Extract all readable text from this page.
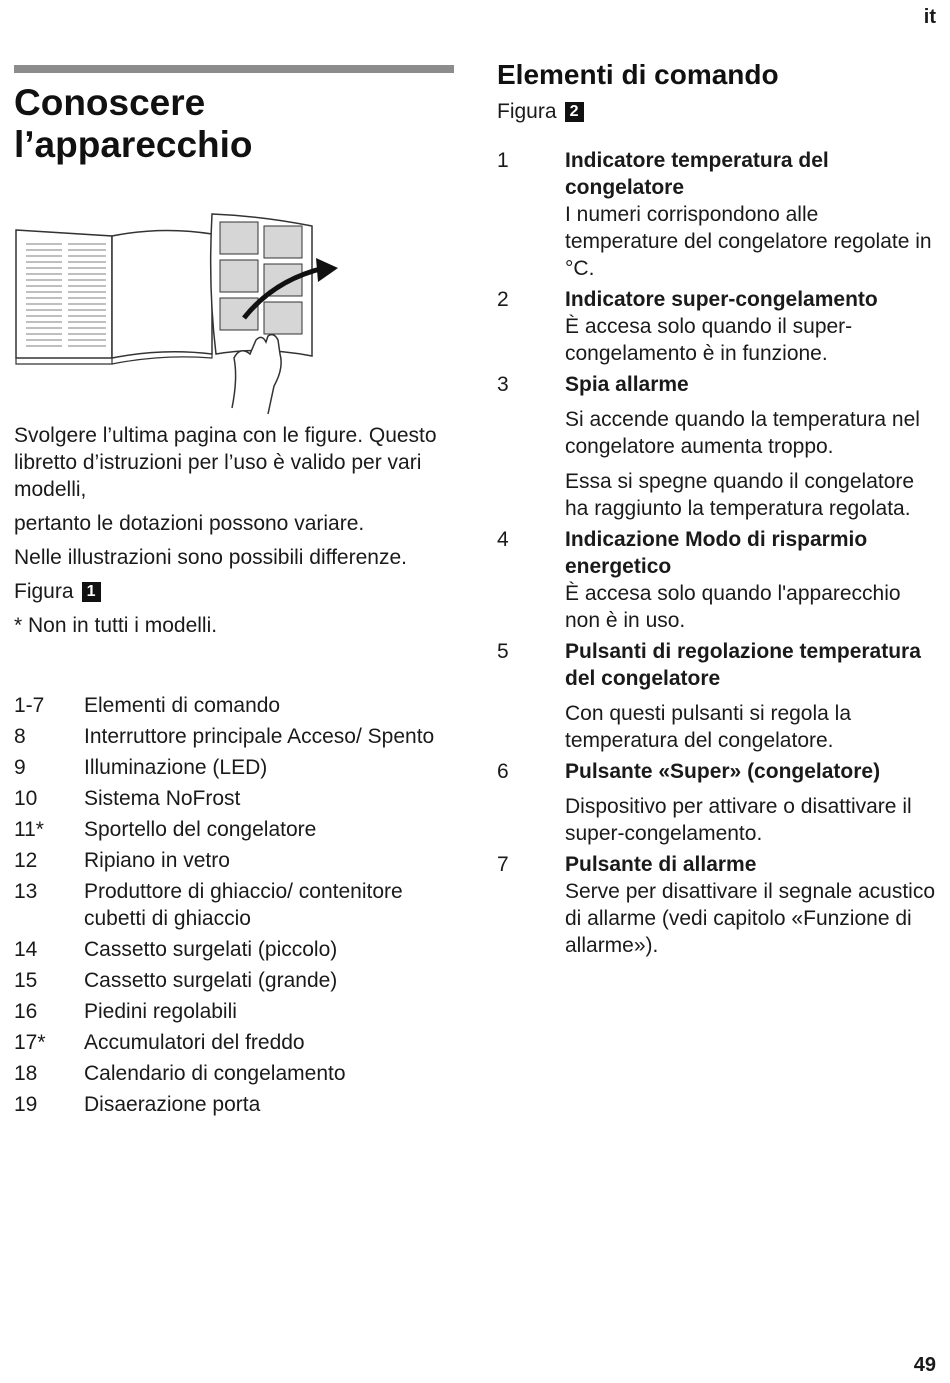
it
Conoscere l’apparecchio

Svolgere l’ultima pagina con le figure. Questo libretto d’istruzioni per l’uso è valido per vari modelli,

pertanto le dotazioni possono variare.

Nelle illustrazioni sono possibili differenze.

Figura 1

* Non in tutti i modelli.

1-7	Elementi di comando
8	Interruttore principale Acceso/ Spento
9	Illuminazione (LED)
10	Sistema NoFrost
11*	Sportello del congelatore
12	Ripiano in vetro
13	Produttore di ghiaccio/ contenitore cubetti di ghiaccio
14	Cassetto surgelati (piccolo)
15	Cassetto surgelati (grande)
16	Piedini regolabili
17*	Accumulatori del freddo
18	Calendario di congelamento
19	Disaerazione porta
Elementi di comando
Figura 2
1	Indicatore temperatura del congelatore
I numeri corrispondono alle temperature del congelatore regolate in °C.
2	Indicatore super-congelamento
È accesa solo quando il super-congelamento è in funzione.
3	Spia allarme
Si accende quando la temperatura nel congelatore aumenta troppo.
Essa si spegne quando il congelatore ha raggiunto la temperatura regolata.
4	Indicazione Modo di risparmio energetico
È accesa solo quando l'apparecchio non è in uso.
5	Pulsanti di regolazione temperatura del congelatore
Con questi pulsanti si regola la temperatura del congelatore.
6	Pulsante «Super» (congelatore)
Dispositivo per attivare o disattivare il super-congelamento.
7	Pulsante di allarme
Serve per disattivare il segnale acustico di allarme (vedi capitolo «Funzione di allarme»).
49
